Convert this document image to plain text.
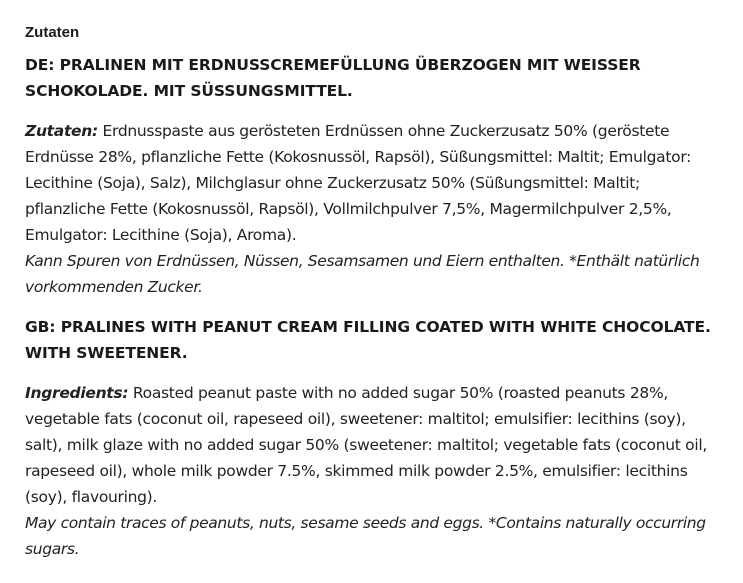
Zutaten
DE: PRALINEN MIT ERDNUSSCREMEFÜLLUNG ÜBERZOGEN MIT WEISSER SCHOKOLADE. MIT SÜSSUNGSMITTEL.

Zutaten: Erdnusspaste aus gerösteten Erdnüssen ohne Zuckerzusatz 50% (geröstete Erdnüsse 28%, pflanzliche Fette (Kokosnussöl, Rapsöl), Süßungsmittel: Maltit; Emulgator: Lecithine (Soja), Salz), Milchglasur ohne Zuckerzusatz 50% (Süßungsmittel: Maltit; pflanzliche Fette (Kokosnussöl, Rapsöl), Vollmilchpulver 7,5%, Magermilchpulver 2,5%, Emulgator: Lecithine (Soja), Aroma).

Kann Spuren von Erdnüssen, Nüssen, Sesamsamen und Eiern enthalten. *Enthält natürlich vorkommenden Zucker.

GB: PRALINES WITH PEANUT CREAM FILLING COATED WITH WHITE CHOCOLATE. WITH SWEETENER.

Ingredients: Roasted peanut paste with no added sugar 50% (roasted peanuts 28%, vegetable fats (coconut oil, rapeseed oil), sweetener: maltitol; emulsifier: lecithins (soy), salt), milk glaze with no added sugar 50% (sweetener: maltitol; vegetable fats (coconut oil, rapeseed oil), whole milk powder 7.5%, skimmed milk powder 2.5%, emulsifier: lecithins (soy), flavouring).

May contain traces of peanuts, nuts, sesame seeds and eggs. *Contains naturally occurring sugars.
